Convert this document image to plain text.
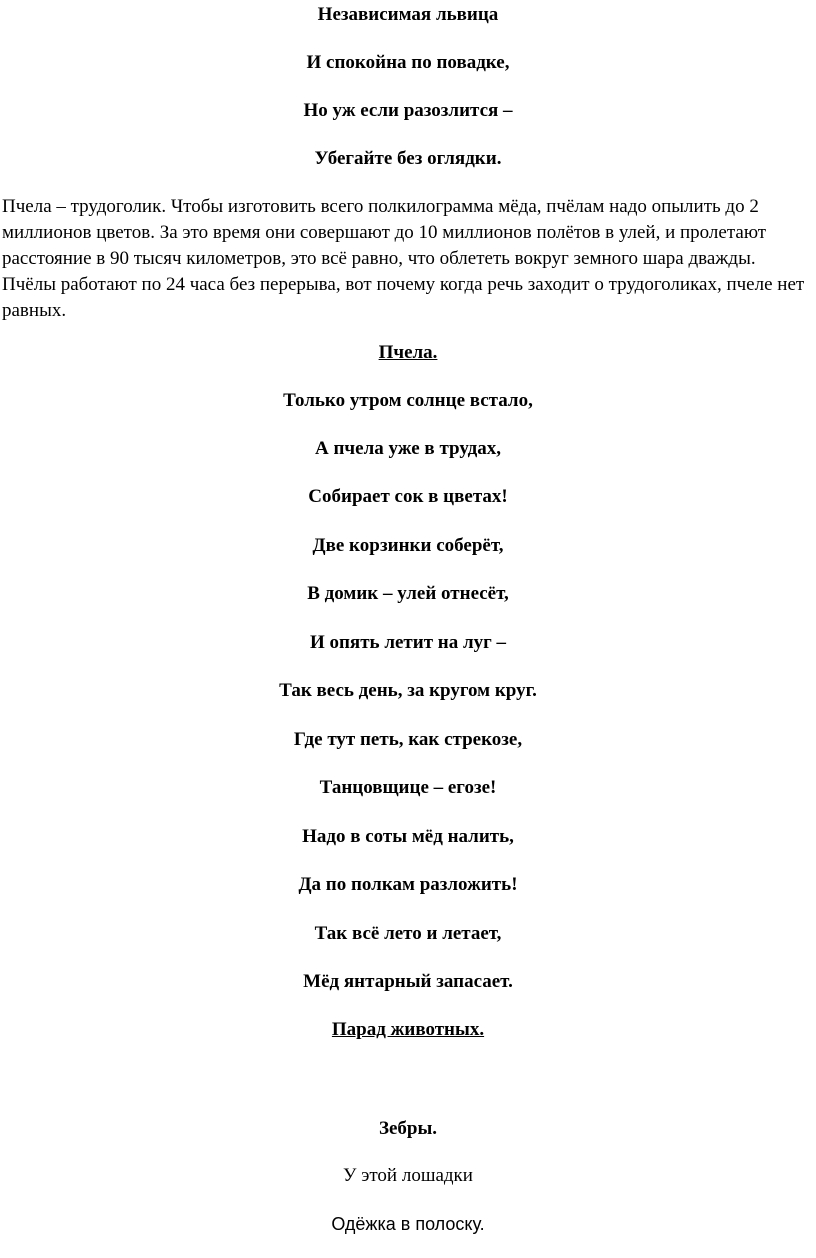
Независимая львица
И спокойна по повадке,
Но уж если разозлится –
Убегайте без оглядки.

Пчела – трудоголик. Чтобы изготовить всего полкилограмма мёда, пчёлам надо опылить до 2 миллионов цветов. За это время они совершают до 10 миллионов полётов в улей, и пролетают расстояние в 90 тысяч километров, это всё равно, что облететь вокруг земного шара дважды. Пчёлы работают по 24 часа без перерыва, вот почему когда речь заходит о трудоголиках, пчеле нет равных.

Пчела.
Только утром солнце встало,
А пчела уже в трудах,
Собирает сок в цветах!
Две корзинки соберёт,
В домик – улей отнесёт,
И опять летит на луг –
Так весь день, за кругом круг.
Где тут петь, как стрекозе,
Танцовщице – егозе!
Надо в соты мёд налить,
Да по полкам разложить!
Так всё лето и летает,
Мёд янтарный запасает.
Парад животных.
Зебры.
У этой лошадки
Одёжка в полоску.
